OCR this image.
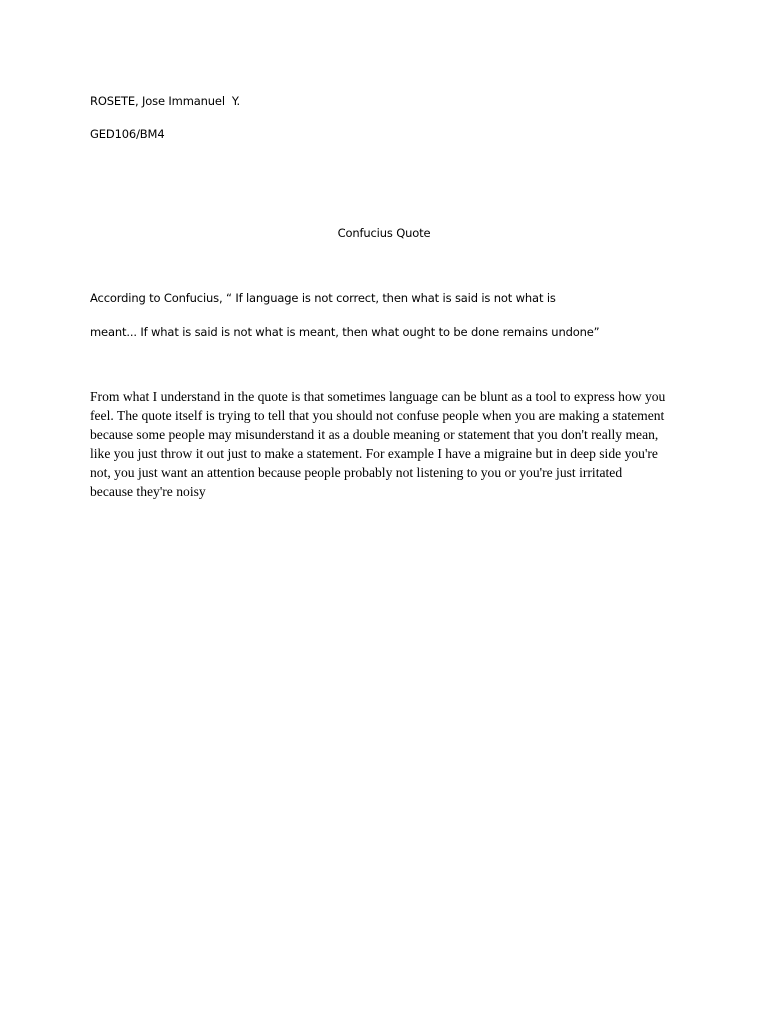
ROSETE, Jose Immanuel  Y.
GED106/BM4
Confucius Quote
According to Confucius, “ If language is not correct, then what is said is not what is
meant... If what is said is not what is meant, then what ought to be done remains undone”
From what I understand in the quote is that sometimes language can be blunt as a tool to express how you
feel. The quote itself is trying to tell that you should not confuse people when you are making a statement
because some people may misunderstand it as a double meaning or statement that you don't really mean,
like you just throw it out just to make a statement. For example I have a migraine but in deep side you're
not, you just want an attention because people probably not listening to you or you're just irritated
because they're noisy
